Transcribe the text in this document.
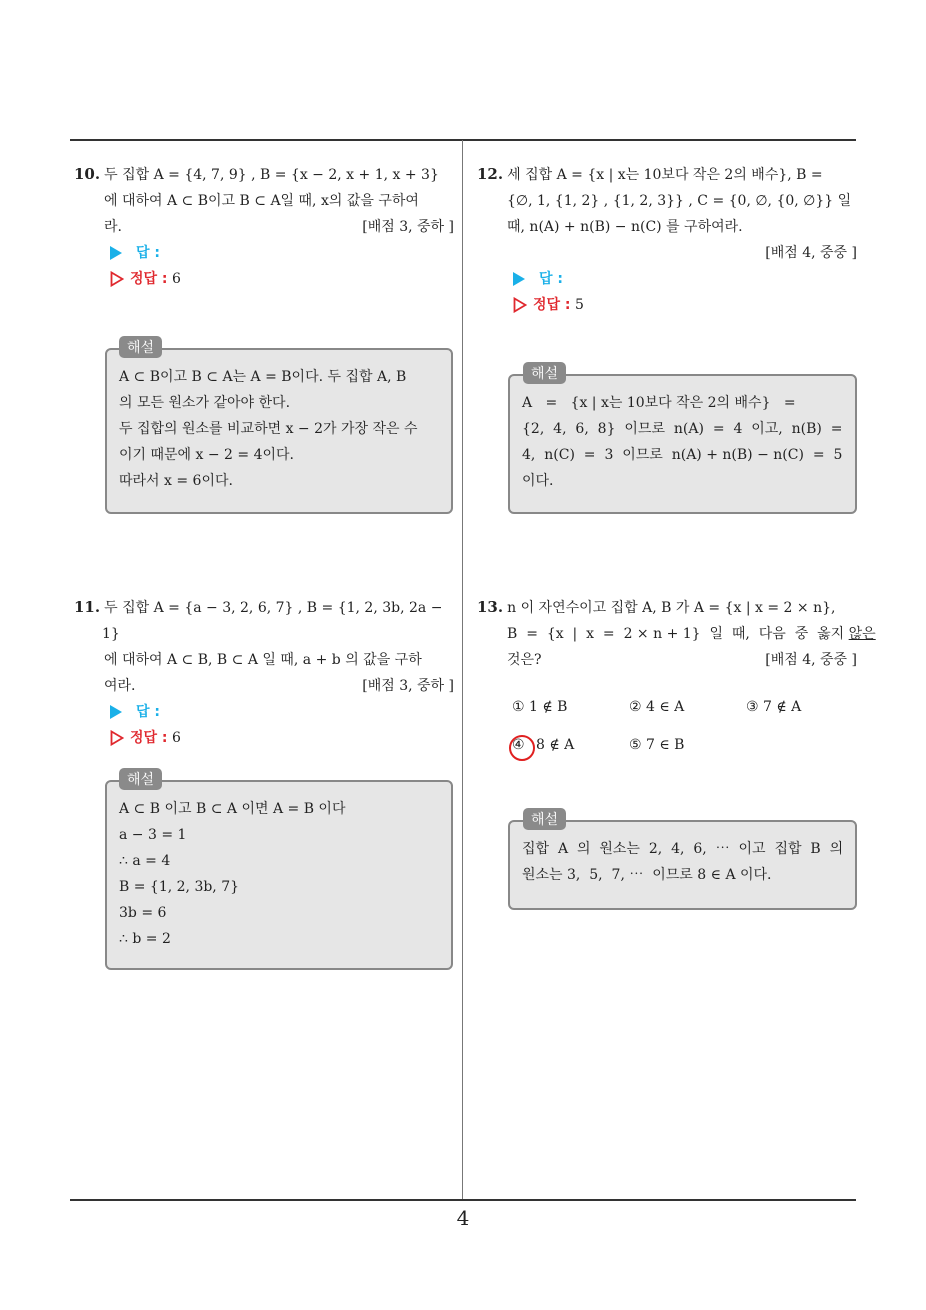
10. 두 집합 A = {4, 7, 9} , B = {x − 2, x + 1, x + 3}
에 대하여 A ⊂ B이고 B ⊂ A일 때, x의 값을 구하여
라.	[배점 3, 중하 ]
답 :
정답 : 6
A ⊂ B이고 B ⊂ A는 A = B이다. 두 집합 A, B
의 모든 원소가 같아야 한다.
두 집합의 원소를 비교하면 x − 2가 가장 작은 수
이기 때문에 x − 2 = 4이다.
따라서 x = 6이다.
해설
11. 두 집합 A = {a − 3, 2, 6, 7} , B = {1, 2, 3b, 2a − 1}
에 대하여 A ⊂ B, B ⊂ A 일 때, a + b 의 값을 구하
여라.	[배점 3, 중하 ]
답 :
정답 : 6
A ⊂ B 이고 B ⊂ A 이면 A = B 이다
a − 3 = 1
∴ a = 4
B = {1, 2, 3b, 7}
3b = 6
∴ b = 2
해설
12. 세 집합 A = {x | x는 10보다 작은 2의 배수}, B =
{∅, 1, {1, 2} , {1, 2, 3}} , C = {0, ∅, {0, ∅}} 일
때, n(A) + n(B) − n(C) 를 구하여라.
[배점 4, 중중 ]
답 :
정답 : 5
A   =   {x | x는 10보다 작은 2의 배수}   =
{2,  4,  6,  8}  이므로  n(A)  =  4  이고,  n(B)  =
4,  n(C)  =  3  이므로  n(A) + n(B) − n(C)  =  5
이다.
해설
13. n 이 자연수이고 집합 A, B 가 A = {x | x = 2 × n},
B  =  {x  |  x  =  2 × n + 1}  일  때,  다음  중  옳지 않은
것은?	[배점 4, 중중 ]
① 1 ∉ B	② 4 ∈ A	③ 7 ∉ A
④ 8 ∉ A	⑤ 7 ∈ B
집합  A  의  원소는  2,  4,  6,  ⋯  이고  집합  B  의
원소는 3,  5,  7, ⋯  이므로 8 ∈ A 이다.
해설
4
